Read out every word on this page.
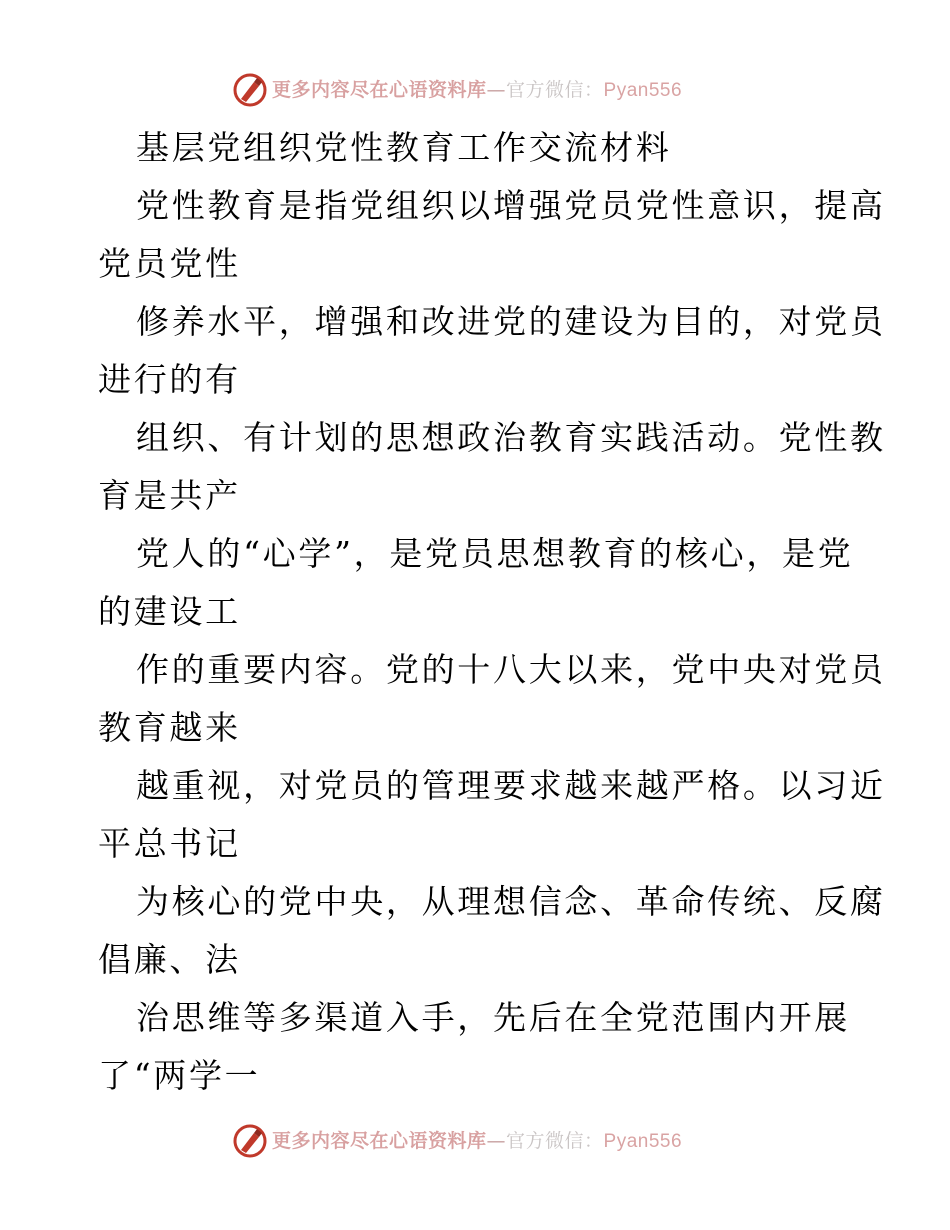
更多内容尽在心语资料库—官方微信：Pyan556
基层党组织党性教育工作交流材料
党性教育是指党组织以增强党员党性意识，提高
党员党性
修养水平，增强和改进党的建设为目的，对党员
进行的有
组织、有计划的思想政治教育实践活动。党性教
育是共产
党人的“心学”，是党员思想教育的核心，是党
的建设工
作的重要内容。党的十八大以来，党中央对党员
教育越来
越重视，对党员的管理要求越来越严格。以习近
平总书记
为核心的党中央，从理想信念、革命传统、反腐
倡廉、法
治思维等多渠道入手，先后在全党范围内开展
了“两学一
更多内容尽在心语资料库—官方微信：Pyan556
